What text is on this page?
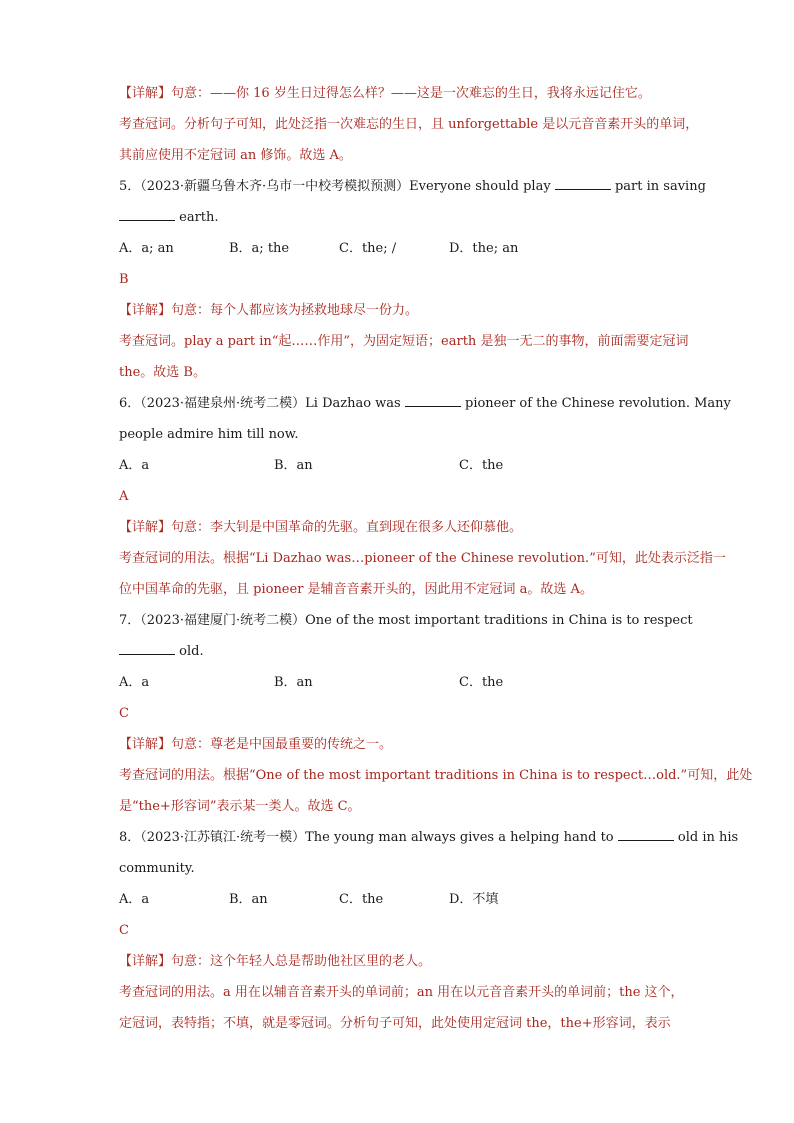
【详解】句意：——你 16 岁生日过得怎么样？——这是一次难忘的生日，我将永远记住它。
考查冠词。分析句子可知，此处泛指一次难忘的生日，且 unforgettable 是以元音音素开头的单词，
其前应使用不定冠词 an 修饰。故选 A。
5．（2023·新疆乌鲁木齐·乌市一中校考模拟预测）Everyone should play	part in saving
earth.
A．a; an	B．a; the	C．the; /	D．the; an
B
【详解】句意：每个人都应该为拯救地球尽一份力。
考查冠词。play a part in“起……作用”，为固定短语；earth 是独一无二的事物，前面需要定冠词
the。故选 B。
6．（2023·福建泉州·统考二模）Li Dazhao was	pioneer of the Chinese revolution. Many
people admire him till now.
A．a	B．an	C．the
A
【详解】句意：李大钊是中国革命的先驱。直到现在很多人还仰慕他。
考查冠词的用法。根据“Li Dazhao was…pioneer of the Chinese revolution.”可知，此处表示泛指一
位中国革命的先驱，且 pioneer 是辅音音素开头的，因此用不定冠词 a。故选 A。
7．（2023·福建厦门·统考二模）One of the most important traditions in China is to respect
old.
A．a	B．an	C．the
C
【详解】句意：尊老是中国最重要的传统之一。
考查冠词的用法。根据“One of the most important traditions in China is to respect…old.”可知，此处
是“the+形容词”表示某一类人。故选 C。
8．（2023·江苏镇江·统考一模）The young man always gives a helping hand to	old in his
community.
A．a	B．an	C．the	D．不填
C
【详解】句意：这个年轻人总是帮助他社区里的老人。
考查冠词的用法。a 用在以辅音音素开头的单词前；an 用在以元音音素开头的单词前；the 这个，
定冠词，表特指；不填，就是零冠词。分析句子可知，此处使用定冠词 the，the+形容词，表示
